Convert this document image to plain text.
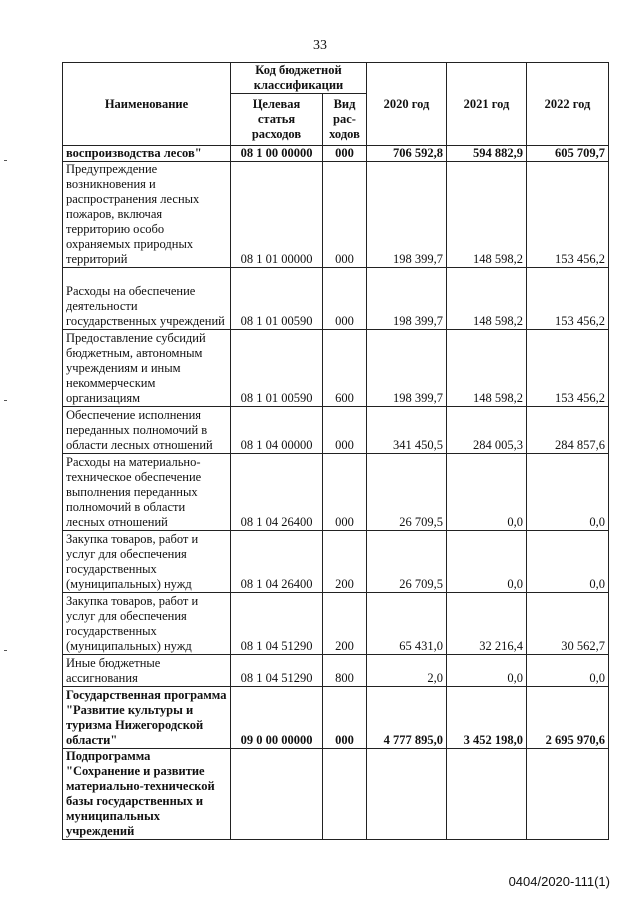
33
Наименование	Код бюджетной классификации		2020 год	2021 год	2022 год
	Целевая статья расходов	Вид рас-ходов			
воспроизводства лесов"	08 1 00 00000	000	706 592,8	594 882,9	605 709,7
Предупреждение возникновения и распространения лесных пожаров, включая территорию особо охраняемых природных территорий	08 1 01 00000	000	198 399,7	148 598,2	153 456,2
Расходы на обеспечение деятельности государственных учреждений	08 1 01 00590	000	198 399,7	148 598,2	153 456,2
Предоставление субсидий бюджетным, автономным учреждениям и иным некоммерческим организациям	08 1 01 00590	600	198 399,7	148 598,2	153 456,2
Обеспечение исполнения переданных полномочий в области лесных отношений	08 1 04 00000	000	341 450,5	284 005,3	284 857,6
Расходы на материально-техническое обеспечение выполнения переданных полномочий в области лесных отношений	08 1 04 26400	000	26 709,5	0,0	0,0
Закупка товаров, работ и услуг для обеспечения государственных (муниципальных) нужд	08 1 04 26400	200	26 709,5	0,0	0,0
Закупка товаров, работ и услуг для обеспечения государственных (муниципальных) нужд	08 1 04 51290	200	65 431,0	32 216,4	30 562,7
Иные бюджетные ассигнования	08 1 04 51290	800	2,0	0,0	0,0
Государственная программа "Развитие культуры и туризма Нижегородской области"	09 0 00 00000	000	4 777 895,0	3 452 198,0	2 695 970,6
Подпрограмма "Сохранение и развитие материально-технической базы государственных и муниципальных учреждений					
0404/2020-111(1)
